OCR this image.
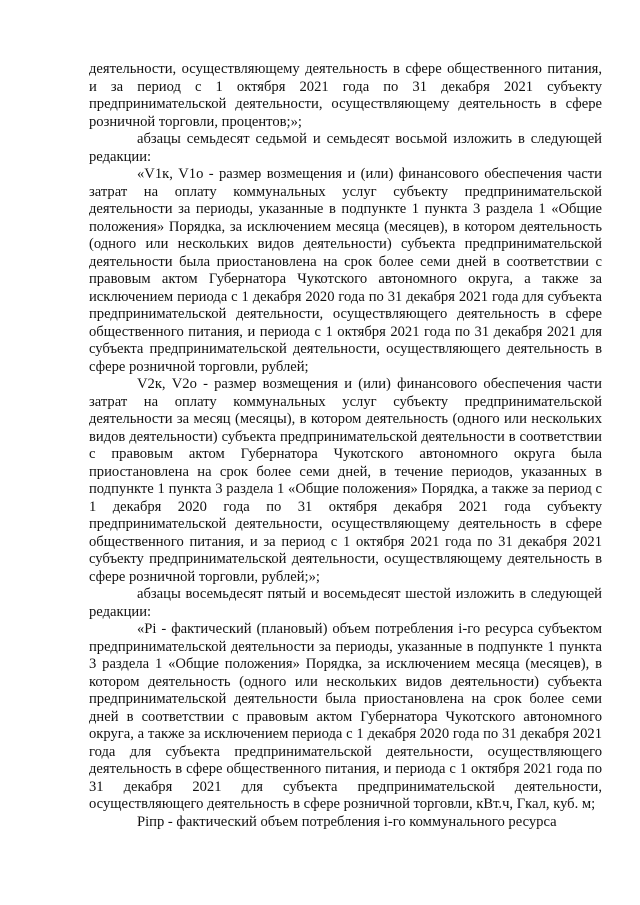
деятельности, осуществляющему деятельность в сфере общественного питания, и за период с 1 октября 2021 года по 31 декабря 2021 субъекту предпринимательской деятельности, осуществляющему деятельность в сфере розничной торговли, процентов;»;

абзацы семьдесят седьмой и семьдесят восьмой изложить в следующей редакции:

«V1к, V1о - размер возмещения и (или) финансового обеспечения части затрат на оплату коммунальных услуг субъекту предпринимательской деятельности за периоды, указанные в подпункте 1 пункта 3 раздела 1 «Общие положения» Порядка, за исключением месяца (месяцев), в котором деятельность (одного или нескольких видов деятельности) субъекта предпринимательской деятельности была приостановлена на срок более семи дней в соответствии с правовым актом Губернатора Чукотского автономного округа, а также за исключением периода с 1 декабря 2020 года по 31 декабря 2021 года для субъекта предпринимательской деятельности, осуществляющего деятельность в сфере общественного питания, и периода с 1 октября 2021 года по 31 декабря 2021 для субъекта предпринимательской деятельности, осуществляющего деятельность в сфере розничной торговли, рублей;

V2к, V2о - размер возмещения и (или) финансового обеспечения части затрат на оплату коммунальных услуг субъекту предпринимательской деятельности за месяц (месяцы), в котором деятельность (одного или нескольких видов деятельности) субъекта предпринимательской деятельности в соответствии с правовым актом Губернатора Чукотского автономного округа была приостановлена на срок более семи дней, в течение периодов, указанных в подпункте 1 пункта 3 раздела 1 «Общие положения» Порядка, а также за период с 1 декабря 2020 года по 31 октября декабря 2021 года субъекту предпринимательской деятельности, осуществляющему деятельность в сфере общественного питания, и за период с 1 октября 2021 года по 31 декабря 2021 субъекту предпринимательской деятельности, осуществляющему деятельность в сфере розничной торговли, рублей;»;

абзацы восемьдесят пятый и восемьдесят шестой изложить в следующей редакции:

«Pi - фактический (плановый) объем потребления i-го ресурса субъектом предпринимательской деятельности за периоды, указанные в подпункте 1 пункта 3 раздела 1 «Общие положения» Порядка, за исключением месяца (месяцев), в котором деятельность (одного или нескольких видов деятельности) субъекта предпринимательской деятельности была приостановлена на срок более семи дней в соответствии с правовым актом Губернатора Чукотского автономного округа, а также за исключением периода с 1 декабря 2020 года по 31 декабря 2021 года для субъекта предпринимательской деятельности, осуществляющего деятельность в сфере общественного питания, и периода с 1 октября 2021 года по 31 декабря 2021 для субъекта предпринимательской деятельности, осуществляющего деятельность в сфере розничной торговли, кВт.ч, Гкал, куб. м;

Piпр - фактический объем потребления i-го коммунального ресурса
